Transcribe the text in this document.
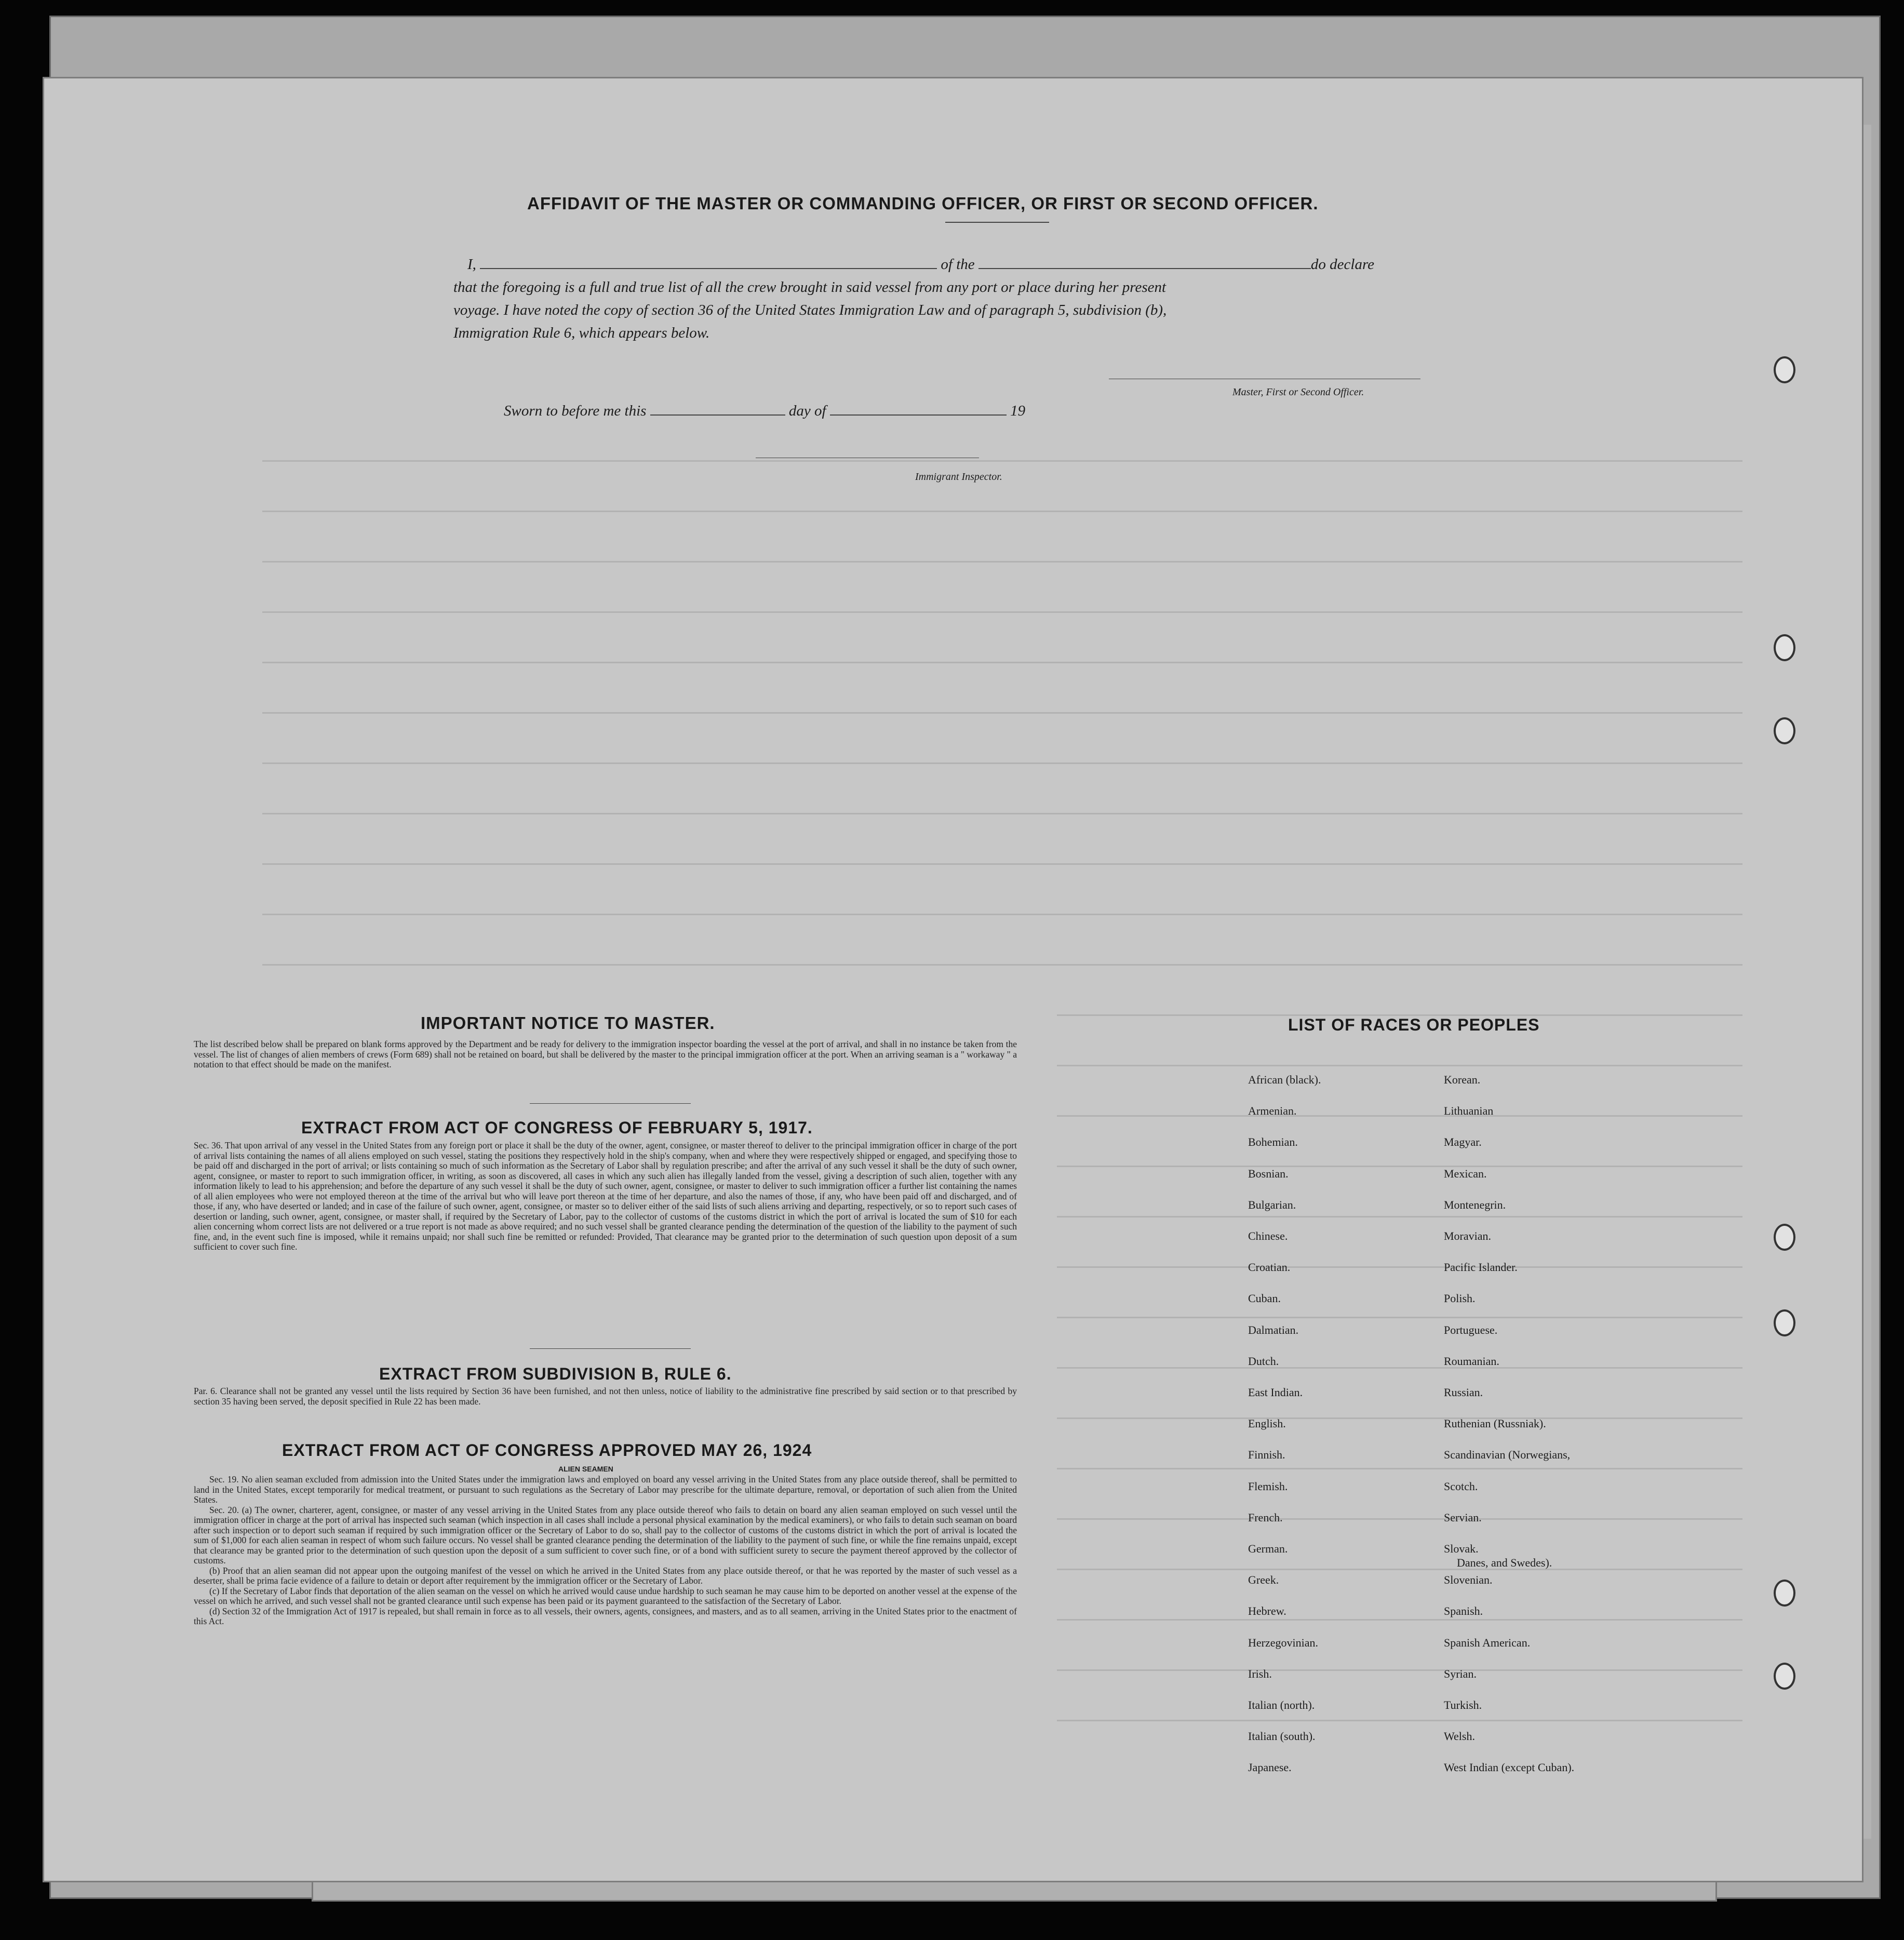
AFFIDAVIT OF THE MASTER OR COMMANDING OFFICER, OR FIRST OR SECOND OFFICER.
I,	of the	do declare
that the foregoing is a full and true list of all the crew brought in said vessel from any port or place during her present
voyage. I have noted the copy of section 36 of the United States Immigration Law and of paragraph 5, subdivision (b),
Immigration Rule 6, which appears below.
Master, First or Second Officer.
Sworn to before me this	day of	19
Immigrant Inspector.
IMPORTANT NOTICE TO MASTER.
The list described below shall be prepared on blank forms approved by the Department and be ready for delivery to the immigration inspector boarding the vessel at the port of arrival, and shall in no instance be taken from the vessel. The list of changes of alien members of crews (Form 689) shall not be retained on board, but shall be delivered by the master to the principal immigration officer at the port. When an arriving seaman is a " workaway " a notation to that effect should be made on the manifest.
EXTRACT FROM ACT OF CONGRESS OF FEBRUARY 5, 1917.
Sec. 36. That upon arrival of any vessel in the United States from any foreign port or place it shall be the duty of the owner, agent, consignee, or master thereof to deliver to the principal immigration officer in charge of the port of arrival lists containing the names of all aliens employed on such vessel, stating the positions they respectively hold in the ship's company, when and where they were respectively shipped or engaged, and specifying those to be paid off and discharged in the port of arrival; or lists containing so much of such information as the Secretary of Labor shall by regulation prescribe; and after the arrival of any such vessel it shall be the duty of such owner, agent, consignee, or master to report to such immigration officer, in writing, as soon as discovered, all cases in which any such alien has illegally landed from the vessel, giving a description of such alien, together with any information likely to lead to his apprehension; and before the departure of any such vessel it shall be the duty of such owner, agent, consignee, or master to deliver to such immigration officer a further list containing the names of all alien employees who were not employed thereon at the time of the arrival but who will leave port thereon at the time of her departure, and also the names of those, if any, who have been paid off and discharged, and of those, if any, who have deserted or landed; and in case of the failure of such owner, agent, consignee, or master so to deliver either of the said lists of such aliens arriving and departing, respectively, or so to report such cases of desertion or landing, such owner, agent, consignee, or master shall, if required by the Secretary of Labor, pay to the collector of customs of the customs district in which the port of arrival is located the sum of $10 for each alien concerning whom correct lists are not delivered or a true report is not made as above required; and no such vessel shall be granted clearance pending the determination of the question of the liability to the payment of such fine, and, in the event such fine is imposed, while it remains unpaid; nor shall such fine be remitted or refunded: Provided, That clearance may be granted prior to the determination of such question upon deposit of a sum sufficient to cover such fine.
EXTRACT FROM SUBDIVISION B, RULE 6.
Par. 6. Clearance shall not be granted any vessel until the lists required by Section 36 have been furnished, and not then unless, notice of liability to the administrative fine prescribed by said section or to that prescribed by section 35 having been served, the deposit specified in Rule 22 has been made.
EXTRACT FROM ACT OF CONGRESS APPROVED MAY 26, 1924
ALIEN SEAMEN
Sec. 19. No alien seaman excluded from admission into the United States under the immigration laws and employed on board any vessel arriving in the United States from any place outside thereof, shall be permitted to land in the United States, except temporarily for medical treatment, or pursuant to such regulations as the Secretary of Labor may prescribe for the ultimate departure, removal, or deportation of such alien from the United States.
Sec. 20. (a) The owner, charterer, agent, consignee, or master of any vessel arriving in the United States from any place outside thereof who fails to detain on board any alien seaman employed on such vessel until the immigration officer in charge at the port of arrival has inspected such seaman (which inspection in all cases shall include a personal physical examination by the medical examiners), or who fails to detain such seaman on board after such inspection or to deport such seaman if required by such immigration officer or the Secretary of Labor to do so, shall pay to the collector of customs of the customs district in which the port of arrival is located the sum of $1,000 for each alien seaman in respect of whom such failure occurs. No vessel shall be granted clearance pending the determination of the liability to the payment of such fine, or while the fine remains unpaid, except that clearance may be granted prior to the determination of such question upon the deposit of a sum sufficient to cover such fine, or of a bond with sufficient surety to secure the payment thereof approved by the collector of customs.
(b) Proof that an alien seaman did not appear upon the outgoing manifest of the vessel on which he arrived in the United States from any place outside thereof, or that he was reported by the master of such vessel as a deserter, shall be prima facie evidence of a failure to detain or deport after requirement by the immigration officer or the Secretary of Labor.
(c) If the Secretary of Labor finds that deportation of the alien seaman on the vessel on which he arrived would cause undue hardship to such seaman he may cause him to be deported on another vessel at the expense of the vessel on which he arrived, and such vessel shall not be granted clearance until such expense has been paid or its payment guaranteed to the satisfaction of the Secretary of Labor.
(d) Section 32 of the Immigration Act of 1917 is repealed, but shall remain in force as to all vessels, their owners, agents, consignees, and masters, and as to all seamen, arriving in the United States prior to the enactment of this Act.
LIST OF RACES OR PEOPLES
African (black).
Armenian.
Bohemian.
Bosnian.
Bulgarian.
Chinese.
Croatian.
Cuban.
Dalmatian.
Dutch.
East Indian.
English.
Finnish.
Flemish.
French.
German.
Greek.
Hebrew.
Herzegovinian.
Irish.
Italian (north).
Italian (south).
Japanese.
Korean.
Lithuanian
Magyar.
Mexican.
Montenegrin.
Moravian.
Pacific Islander.
Polish.
Portuguese.
Roumanian.
Russian.
Ruthenian (Russniak).
Scandinavian (Norwegians,
Scotch.
Servian.
Slovak.
Slovenian.
Spanish.
Spanish American.
Syrian.
Turkish.
Welsh.
West Indian (except Cuban).
Danes, and Swedes).
